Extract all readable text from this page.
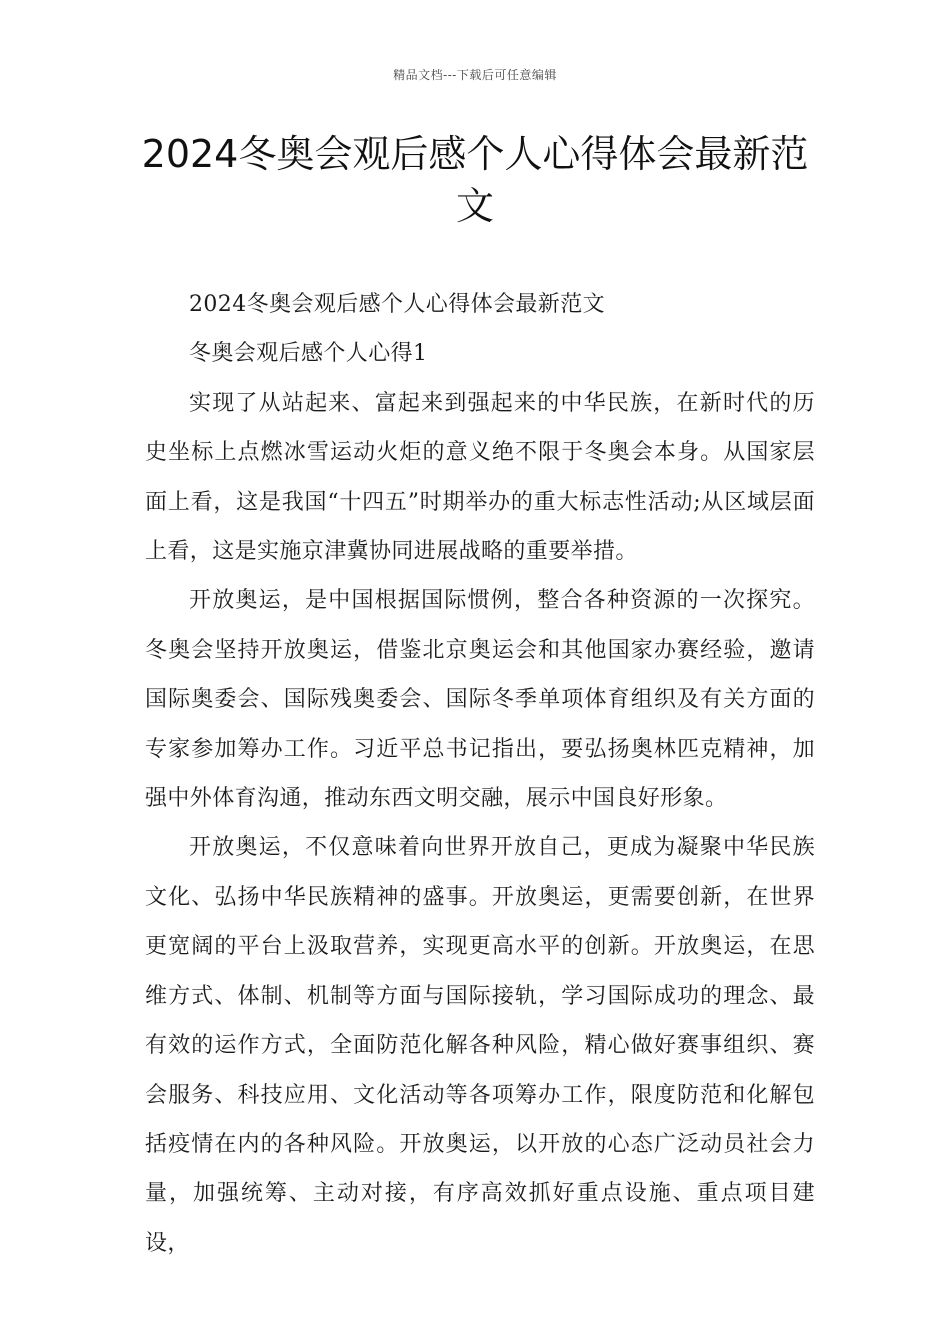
精品文档---下载后可任意编辑
2024冬奥会观后感个人心得体会最新范文

2024冬奥会观后感个人心得体会最新范文

冬奥会观后感个人心得1

实现了从站起来、富起来到强起来的中华民族，在新时代的历史坐标上点燃冰雪运动火炬的意义绝不限于冬奥会本身。从国家层面上看，这是我国“十四五”时期举办的重大标志性活动;从区域层面上看，这是实施京津冀协同进展战略的重要举措。

开放奥运，是中国根据国际惯例，整合各种资源的一次探究。冬奥会坚持开放奥运，借鉴北京奥运会和其他国家办赛经验，邀请国际奥委会、国际残奥委会、国际冬季单项体育组织及有关方面的专家参加筹办工作。习近平总书记指出，要弘扬奥林匹克精神，加强中外体育沟通，推动东西文明交融，展示中国良好形象。

开放奥运，不仅意味着向世界开放自己，更成为凝聚中华民族文化、弘扬中华民族精神的盛事。开放奥运，更需要创新，在世界更宽阔的平台上汲取营养，实现更高水平的创新。开放奥运，在思维方式、体制、机制等方面与国际接轨，学习国际成功的理念、最有效的运作方式，全面防范化解各种风险，精心做好赛事组织、赛会服务、科技应用、文化活动等各项筹办工作，限度防范和化解包括疫情在内的各种风险。开放奥运，以开放的心态广泛动员社会力量，加强统筹、主动对接，有序高效抓好重点设施、重点项目建设，
